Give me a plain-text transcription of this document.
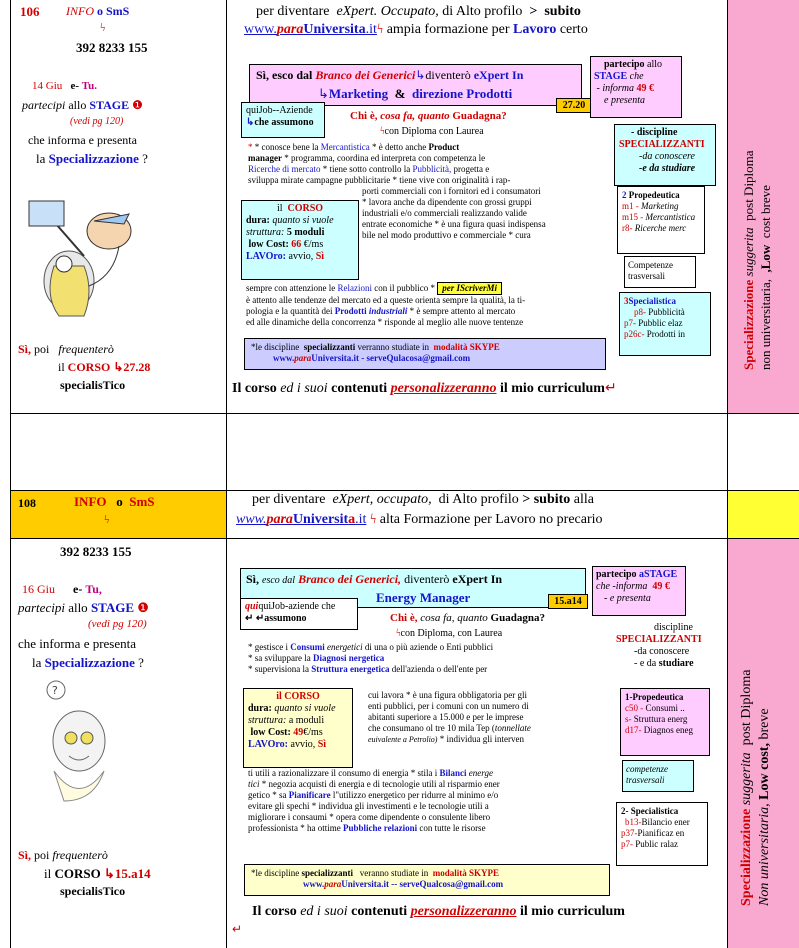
106 INFO o SmS
ϟ
392 8233 155
14 Giu e- Tu.
partecipi allo STAGE ❶
(vedi pg 120)
che informa e presenta
la Specializzazione ?
Sì, poi frequenterò
il CORSO ↳27.28
specialisTico
per diventare eXpert. Occupato, di Alto profilo > subito
www.paraUniversita.itϟ ampia formazione per Lavoro certo
Sì, esco dal Branco dei Generici↳diventerò eXpert In
↳Marketing & direzione Prodotti
27.20

quiJob--Aziende

↳che assumono

Chi è, cosa fa, quanto Guadagna?
ϟcon Diploma con Laurea

* * conosce bene la Mercantistica * è detto anche Product

manager * programma, coordina ed interpreta con competenza le

Ricerche di mercato * tiene sotto controllo la Pubblicità, progetta e

sviluppa mirate campagne pubblicitarie * tiene vive con originalità i rap-

porti commerciali con i fornitori ed i consumatori

* lavora anche da dipendente con grossi gruppi

industriali e/o commerciali realizzando valide

entrate economiche * è una figura quasi indispensa

bile nel modo produttivo e commerciale * cura

il CORSO

dura: quanto si vuole

struttura: 5 moduli

low Cost: 66 €/ms

LAVOro: avvio, Sì

sempre con attenzione le Relazioni con il pubblico * per IScriverMi

è attento alle tendenze del mercato ed a queste orienta sempre la qualità, la ti-

pologia e la quantità dei Prodotti industriali * è sempre attento al mercato

ed alle dinamiche della concorrenza * risponde al meglio alle nuove tentenze

*le discipline specializzanti verranno studiate in modalità SKYPE

www.paraUniversita.it - serveQulacosa@gmail.com

Il corso ed i suoi contenuti personalizzeranno il mio curriculum↵

partecipo allo

STAGE che

- informa 49 €

e presenta

- discipline

SPECIALIZZANTI

-da conoscere

-e da studiare

2 Propedeutica

m1 - Marketing

m15 - Mercantistica

r8- Ricerche merc

Competenze

trasversali

3Specialistica

p8- Pubblicità

p7- Pubblic elaz

p26c- Prodotti in	Specializzazione suggerita  post Diploma

non universitaria,  ,Low  cost breve

108	INFO o SmS
ϟ
per diventare eXpert, occupato, di Alto profilo > subito alla
www.paraUniversita.it ϟ alta Formazione per Lavoro no precario
392 8233 155
16 Giu e- Tu,
partecipi allo STAGE ❶
(vedi pg 120)
che informa e presenta
la Specializzazione ?
?
Sì, poi frequenterò
il CORSO ↳15.a14
specialisTico
Sì, esco dal Branco dei Generici, diventerò eXpert In
Energy Manager	15.a14

quiquiJob-aziende che

↵ ↵assumono	Chi è, cosa fa, quanto Guadagna?
ϟcon Diploma, con Laurea

* gestisce i Consumi energetici di una o più aziende o Enti pubblici

* sa sviluppare la Diagnosi nergetica

* supervisiona la Struttura energetica dell'azienda o dell'ente per

il CORSO

dura: quanto si vuole

struttura: a moduli

low Cost: 49€/ms

LAVOro: avvio, Sì

cui lavora * è una figura obbligatoria per gli

enti pubblici, per i comuni con un numero di

abitanti superiore a 15.000 e per le imprese

che consumano ol tre 10 mila Tep (tonnellate

euivalente a Petrolio) * individua gli interven

ti utili a razionalizzare il consumo di energia * stila i Bilanci energe

tici * negozia acquisti di energia e di tecnologie utili al risparmio ener

getico * sa Pianificare l"utilizzo energetico per ridurre al minimo e/o

evitare gli spechi * individua gli investimenti e le tecnologie utili a

migliorare i consaumi * opera come dipendente o consulente libero

professionista * ha ottime Pubbliche relazioni con tutte le risorse

*le discipline specializzanti veranno studiate in modalità SKYPE

www.paraUniversita.it -- serveQualcosa@gmail.com

Il corso ed i suoi contenuti personalizzeranno il mio curriculum
↵

partecipo aSTAGE

che -informa 49 €

- e presenta

discipline

SPECIALIZZANTI

-da conoscere

- e da studiare

1-Propedeutica

c50 - Consumi ..

s- Struttura energ

d17- Diagnos eneg

competenze

trasversali

2- Specialistica

b13-Bilancio ener

p37-Pianificaz en

p7- Public ralaz	Specializzazione suggerita  post Diploma

Non universitaria, Low cost, breve
